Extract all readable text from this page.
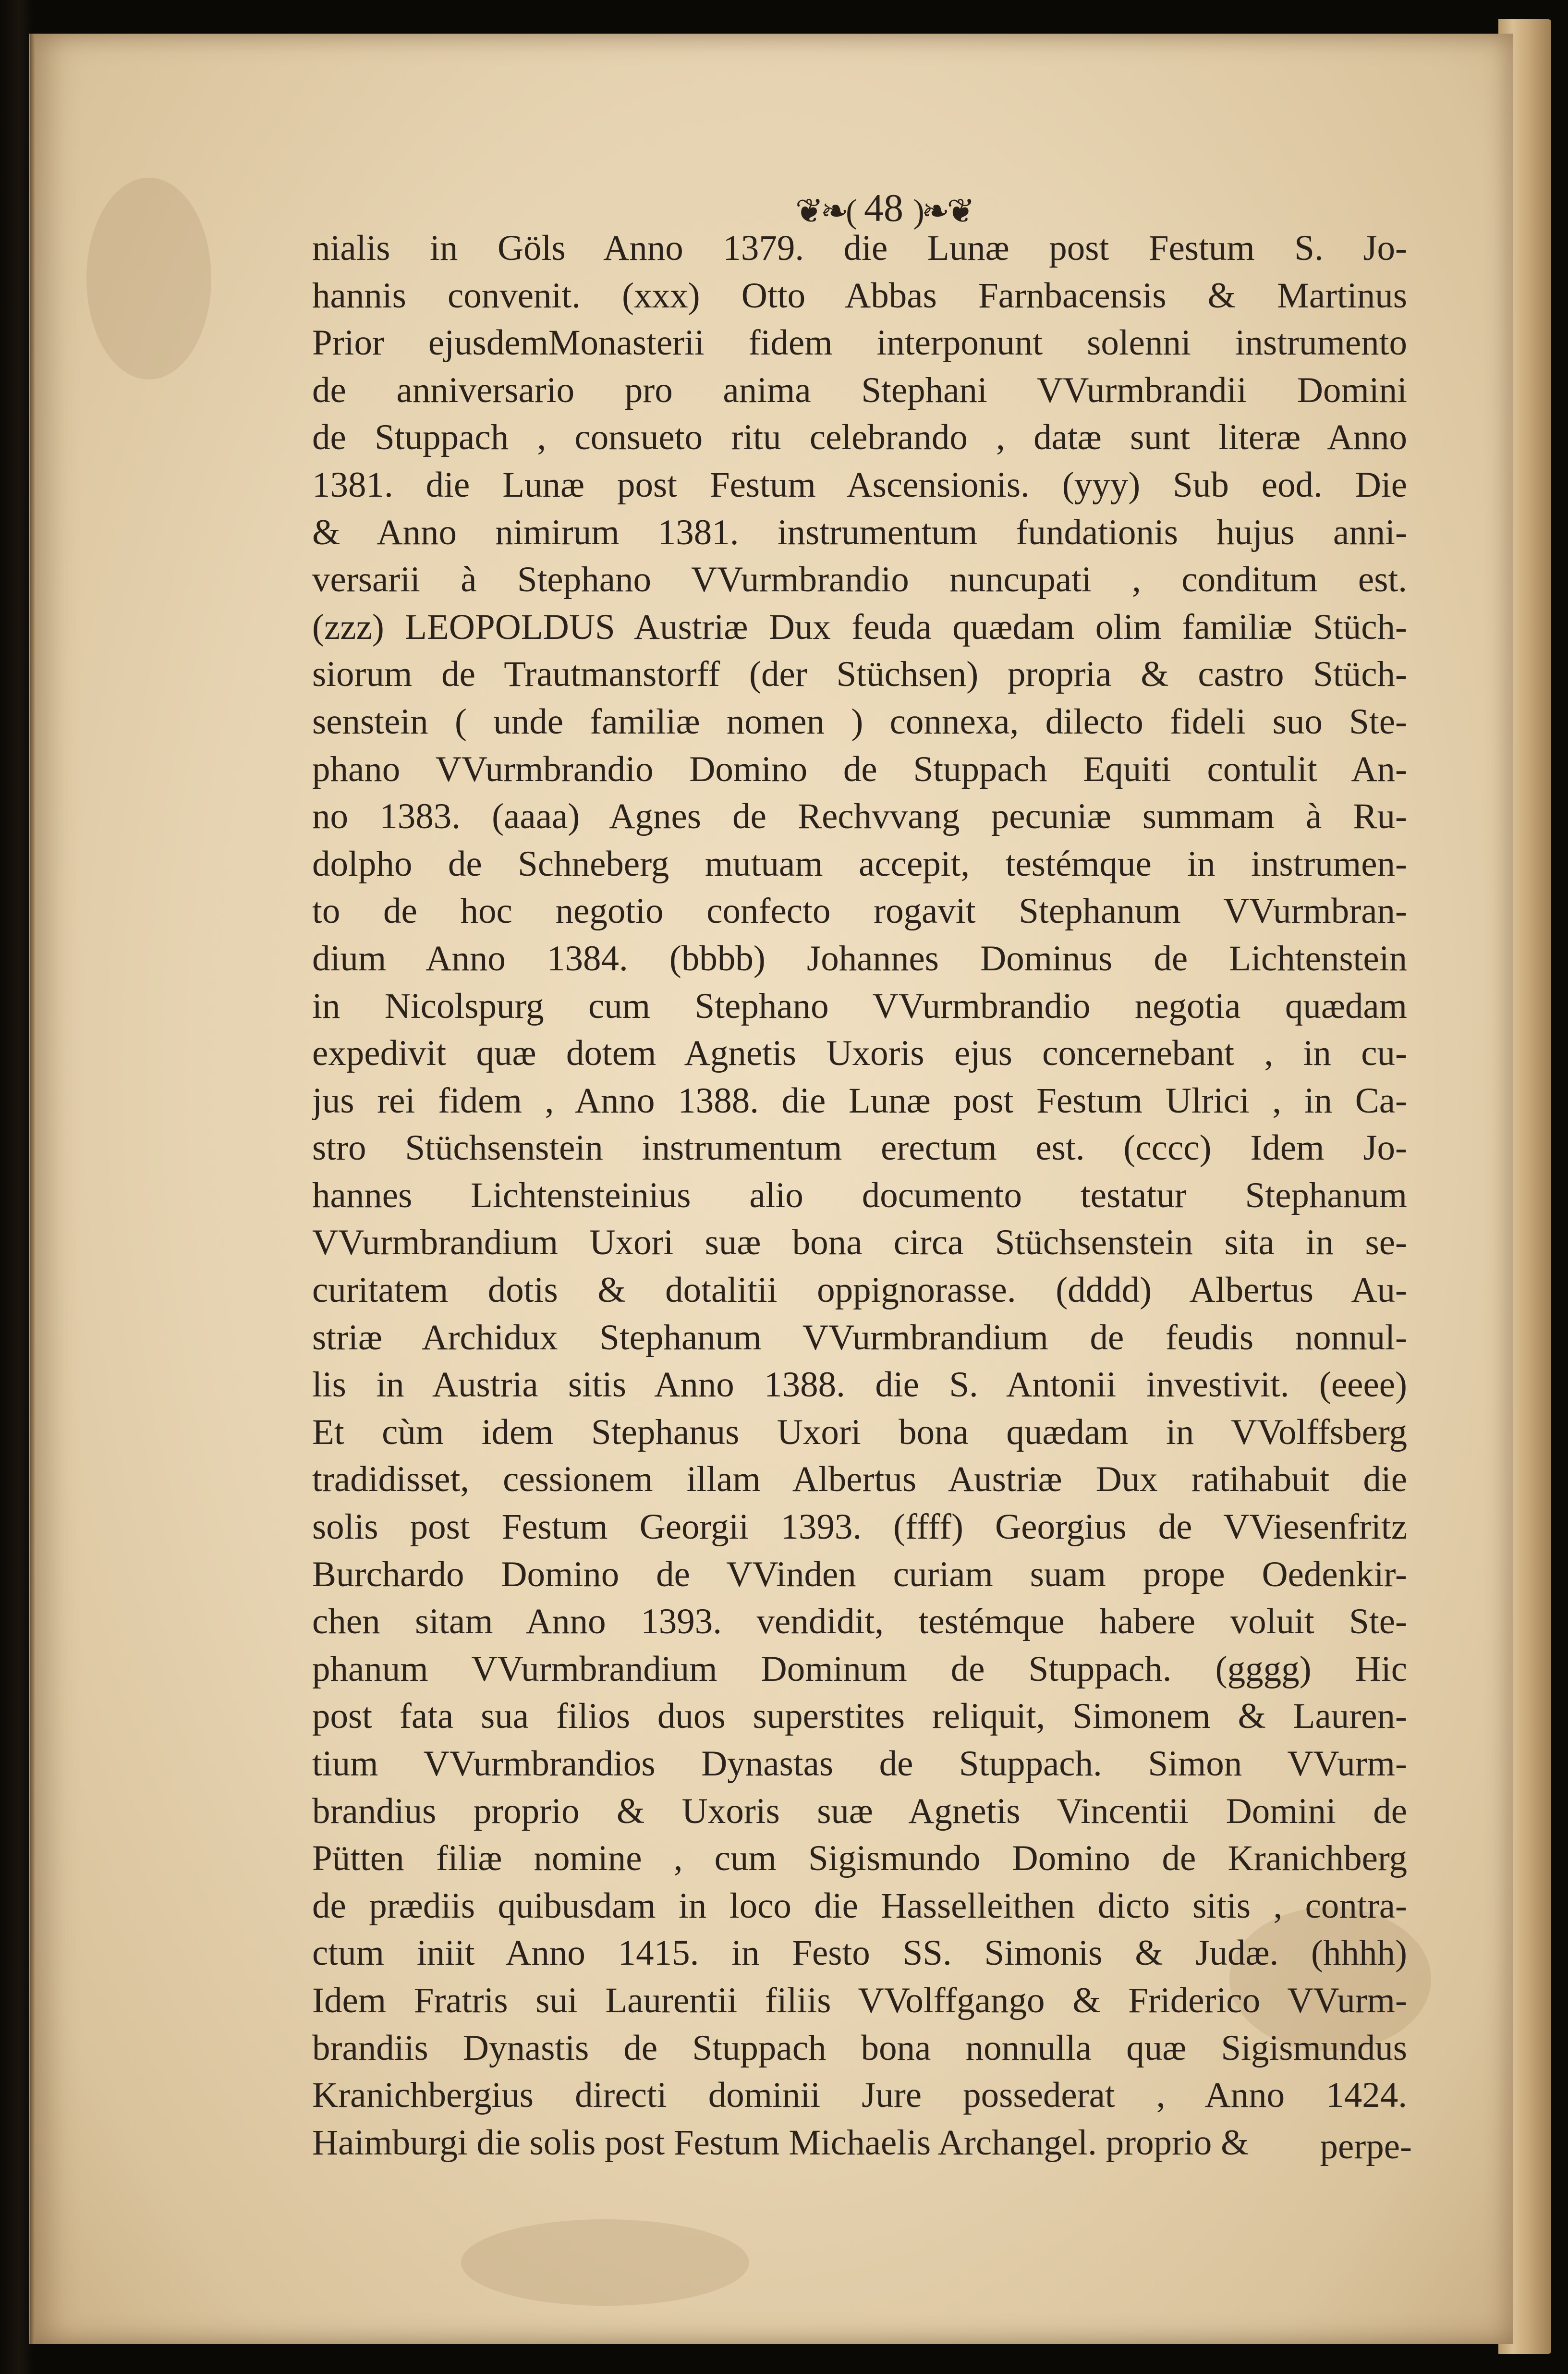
❦❧( 48 )❧❦
nialis in Göls Anno 1379. die Lunæ post Festum S. Jo-
hannis convenit. (xxx) Otto Abbas Farnbacensis & Martinus
Prior ejusdemMonasterii fidem interponunt solenni instrumento
de anniversario pro anima Stephani VVurmbrandii Domini
de Stuppach , consueto ritu celebrando , datæ sunt literæ Anno
1381. die Lunæ post Festum Ascensionis. (yyy) Sub eod. Die
& Anno nimirum 1381. instrumentum fundationis hujus anni-
versarii à Stephano VVurmbrandio nuncupati , conditum est.
(zzz) LEOPOLDUS Austriæ Dux feuda quædam olim familiæ Stüch-
siorum de Trautmanstorff (der Stüchsen) propria & castro Stüch-
senstein ( unde familiæ nomen ) connexa, dilecto fideli suo Ste-
phano VVurmbrandio Domino de Stuppach Equiti contulit An-
no 1383. (aaaa) Agnes de Rechvvang pecuniæ summam à Ru-
dolpho de Schneberg mutuam accepit, testémque in instrumen-
to de hoc negotio confecto rogavit Stephanum VVurmbran-
dium Anno 1384. (bbbb) Johannes Dominus de Lichtenstein
in Nicolspurg cum Stephano VVurmbrandio negotia quædam
expedivit quæ dotem Agnetis Uxoris ejus concernebant , in cu-
jus rei fidem , Anno 1388. die Lunæ post Festum Ulrici , in Ca-
stro Stüchsenstein instrumentum erectum est. (cccc) Idem Jo-
hannes Lichtensteinius alio documento testatur Stephanum
VVurmbrandium Uxori suæ bona circa Stüchsenstein sita in se-
curitatem dotis & dotalitii oppignorasse. (dddd) Albertus Au-
striæ Archidux Stephanum VVurmbrandium de feudis nonnul-
lis in Austria sitis Anno 1388. die S. Antonii investivit. (eeee)
Et cùm idem Stephanus Uxori bona quædam in VVolffsberg
tradidisset, cessionem illam Albertus Austriæ Dux ratihabuit die
solis post Festum Georgii 1393. (ffff) Georgius de VViesenfritz
Burchardo Domino de VVinden curiam suam prope Oedenkir-
chen sitam Anno 1393. vendidit, testémque habere voluit Ste-
phanum VVurmbrandium Dominum de Stuppach. (gggg) Hic
post fata sua filios duos superstites reliquit, Simonem & Lauren-
tium VVurmbrandios Dynastas de Stuppach. Simon VVurm-
brandius proprio & Uxoris suæ Agnetis Vincentii Domini de
Pütten filiæ nomine , cum Sigismundo Domino de Kranichberg
de prædiis quibusdam in loco die Hasselleithen dicto sitis , contra-
ctum iniit Anno 1415. in Festo SS. Simonis & Judæ. (hhhh)
Idem Fratris sui Laurentii filiis VVolffgango & Friderico VVurm-
brandiis Dynastis de Stuppach bona nonnulla quæ Sigismundus
Kranichbergius directi dominii Jure possederat , Anno 1424.
Haimburgi die solis post Festum Michaelis Archangel. proprio &	perpe-
